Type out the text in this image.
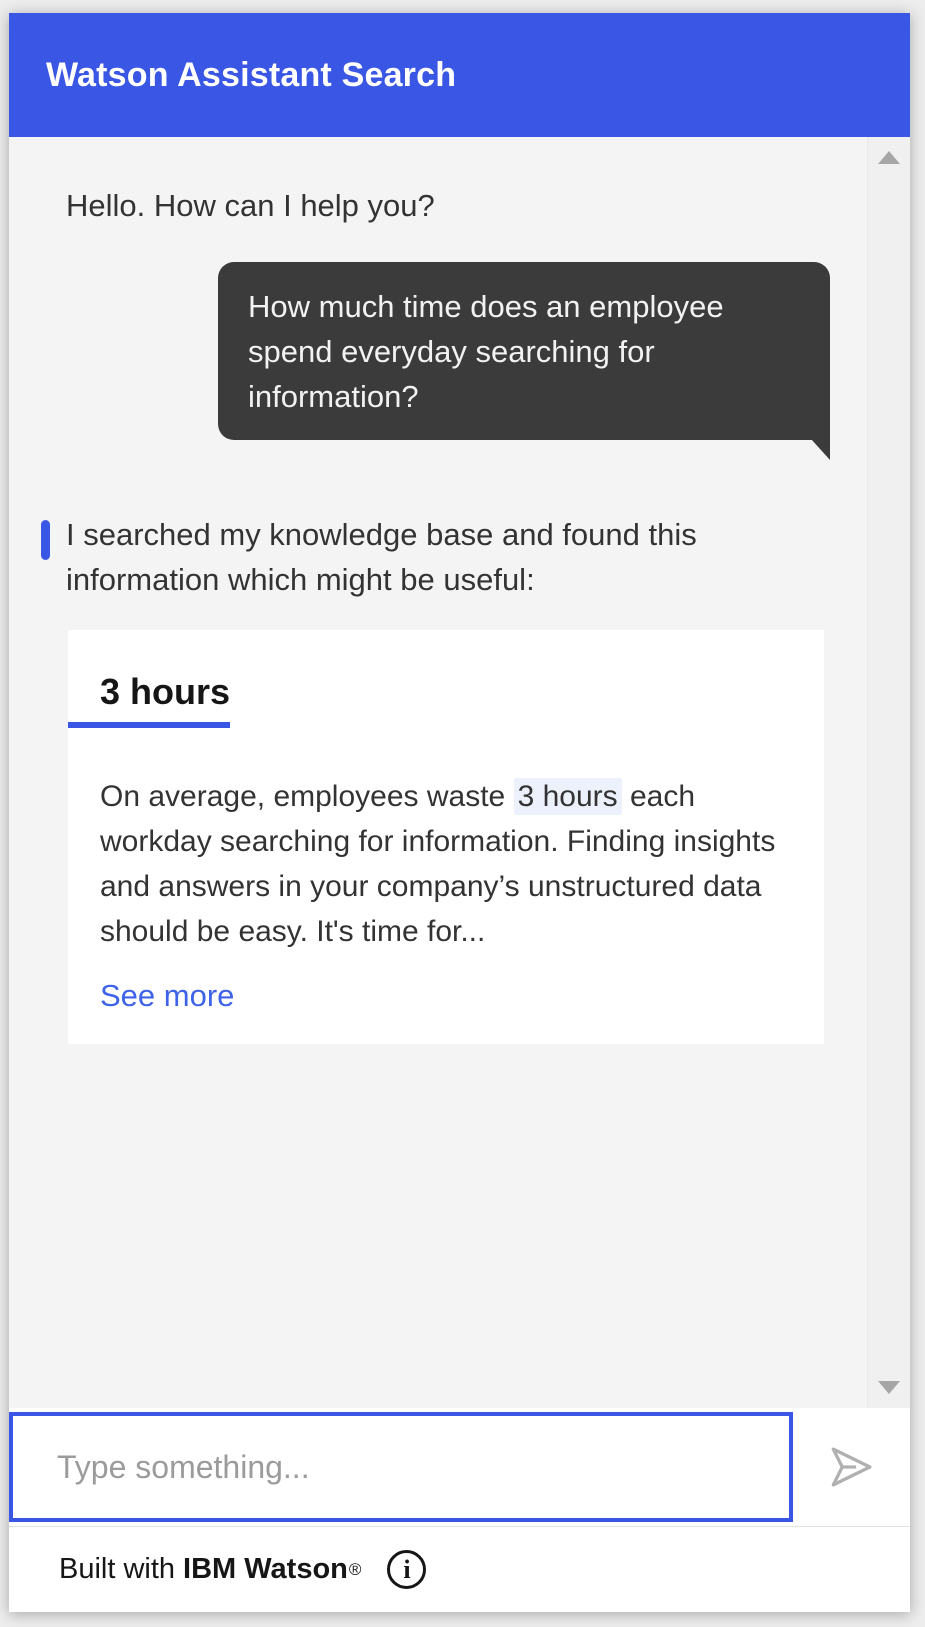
Watson Assistant Search
Hello. How can I help you?
How much time does an employee spend everyday searching for information?
I searched my knowledge base and found this information which might be useful:
3 hours
On average, employees waste 3 hours each workday searching for information. Finding insights and answers in your company’s unstructured data should be easy. It's time for...
See more
Type something...
Built with IBM Watson ® i
